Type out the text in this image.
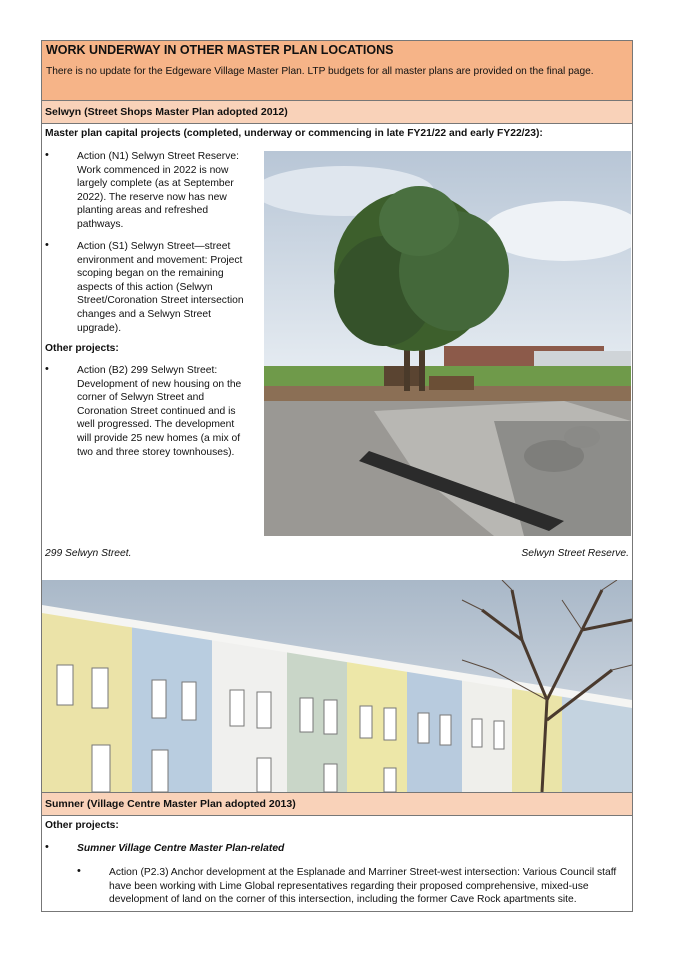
WORK UNDERWAY IN OTHER MASTER PLAN LOCATIONS
There is no update for the Edgeware Village Master Plan. LTP budgets for all master plans are provided on the final page.
Selwyn (Street Shops Master Plan adopted 2012)
Master plan capital projects (completed, underway or commencing in late FY21/22 and early FY22/23):
•	Action (N1) Selwyn Street Reserve: Work commenced in 2022 is now largely complete (as at September 2022). The reserve now has new planting areas and refreshed pathways.
•	Action (S1) Selwyn Street—street environment and movement: Project scoping began on the remaining aspects of this action (Selwyn Street/Coronation Street intersection changes and a Selwyn Street upgrade).
Other projects:
•	Action (B2) 299 Selwyn Street: Development of new housing on the corner of Selwyn Street and Coronation Street continued and is well progressed. The development will provide 25 new homes (a mix of two and three storey townhouses).
299 Selwyn Street.	Selwyn Street Reserve.
Sumner (Village Centre Master Plan adopted 2013)
Other projects:
•	Sumner Village Centre Master Plan-related
•	Action (P2.3) Anchor development at the Esplanade and Marriner Street-west intersection: Various Council staff have been working with Lime Global representatives regarding their proposed comprehensive, mixed-use development of land on the corner of this intersection, including the former Cave Rock apartments site.
